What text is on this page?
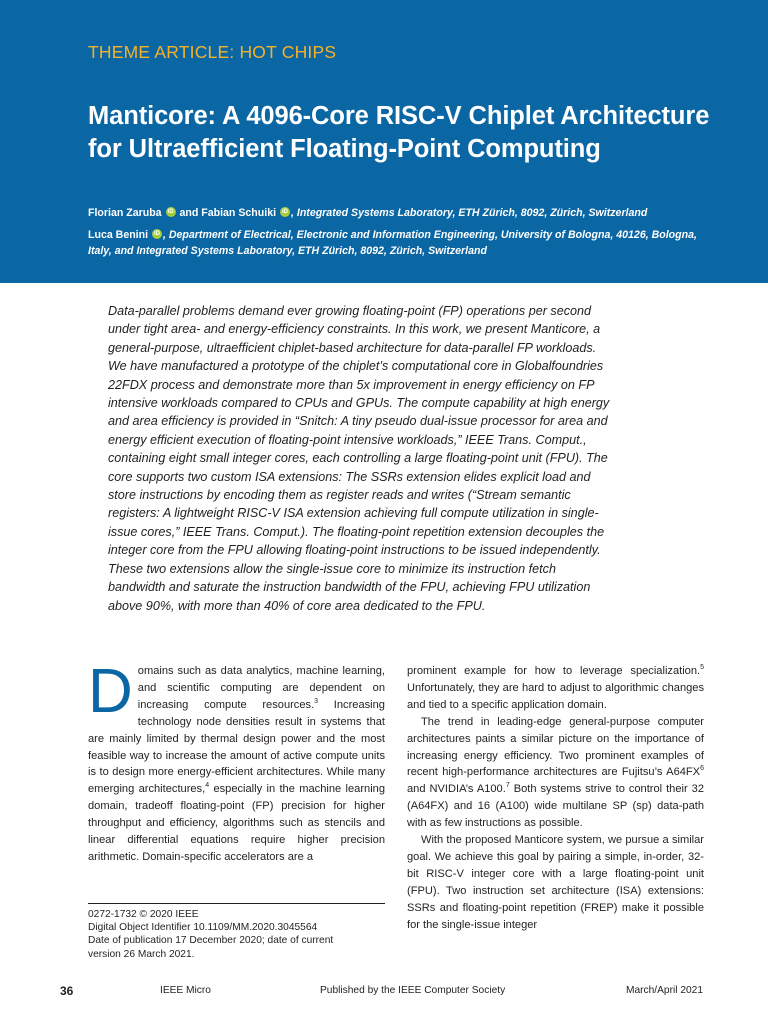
THEME ARTICLE: HOT CHIPS
Manticore: A 4096-Core RISC-V Chiplet Architecture for Ultraefficient Floating-Point Computing

Florian Zaruba iD and Fabian Schuiki iD , Integrated Systems Laboratory, ETH Zürich, 8092, Zürich, Switzerland

Luca Benini iD , Department of Electrical, Electronic and Information Engineering, University of Bologna, 40126, Bologna, Italy, and Integrated Systems Laboratory, ETH Zürich, 8092, Zürich, Switzerland

Data-parallel problems demand ever growing floating-point (FP) operations per second under tight area- and energy-efficiency constraints. In this work, we present Manticore, a general-purpose, ultraefficient chiplet-based architecture for data-parallel FP workloads. We have manufactured a prototype of the chiplet’s computational core in Globalfoundries 22FDX process and demonstrate more than 5x improvement in energy efficiency on FP intensive workloads compared to CPUs and GPUs. The compute capability at high energy and area efficiency is provided in “Snitch: A tiny pseudo dual-issue processor for area and energy efficient execution of floating-point intensive workloads,” IEEE Trans. Comput., containing eight small integer cores, each controlling a large floating-point unit (FPU). The core supports two custom ISA extensions: The SSRs extension elides explicit load and store instructions by encoding them as register reads and writes (“Stream semantic registers: A lightweight RISC-V ISA extension achieving full compute utilization in single-issue cores,” IEEE Trans. Comput.). The floating-point repetition extension decouples the integer core from the FPU allowing floating-point instructions to be issued independently. These two extensions allow the single-issue core to minimize its instruction fetch bandwidth and saturate the instruction bandwidth of the FPU, achieving FPU utilization above 90%, with more than 40% of core area dedicated to the FPU.

Domains such as data analytics, machine learning, and scientific computing are dependent on increasing compute resources.$^3$ Increasing technology node densities result in systems that are mainly limited by thermal design power and the most feasible way to increase the amount of active compute units is to design more energy-efficient architectures. While many emerging architectures,$^4$ especially in the machine learning domain, tradeoff floating-point (FP) precision for higher throughput and efficiency, algorithms such as stencils and linear differential equations require higher precision arithmetic. Domain-specific accelerators are a

prominent example for how to leverage specialization.$^5$ Unfortunately, they are hard to adjust to algorithmic changes and tied to a specific application domain.

The trend in leading-edge general-purpose computer architectures paints a similar picture on the importance of increasing energy efficiency. Two prominent examples of recent high-performance architectures are Fujitsu’s $A64FX^6$ and NVIDIA’s A100.$^7$ Both systems strive to control their 32 (A64FX) and 16 (A100) wide multilane SP (sp) data-path with as few instructions as possible.

With the proposed Manticore system, we pursue a similar goal. We achieve this goal by pairing a simple, in-order, 32-bit RISC-V integer core with a large floating-point unit (FPU). Two instruction set architecture (ISA) extensions: SSRs and floating-point repetition (FREP) make it possible for the single-issue integer

0272-1732 © 2020 IEEE
Digital Object Identifier 10.1109/MM.2020.3045564
Date of publication 17 December 2020; date of current
version 26 March 2021.
36	IEEE Micro	Published by the IEEE Computer Society	March/April 2021
